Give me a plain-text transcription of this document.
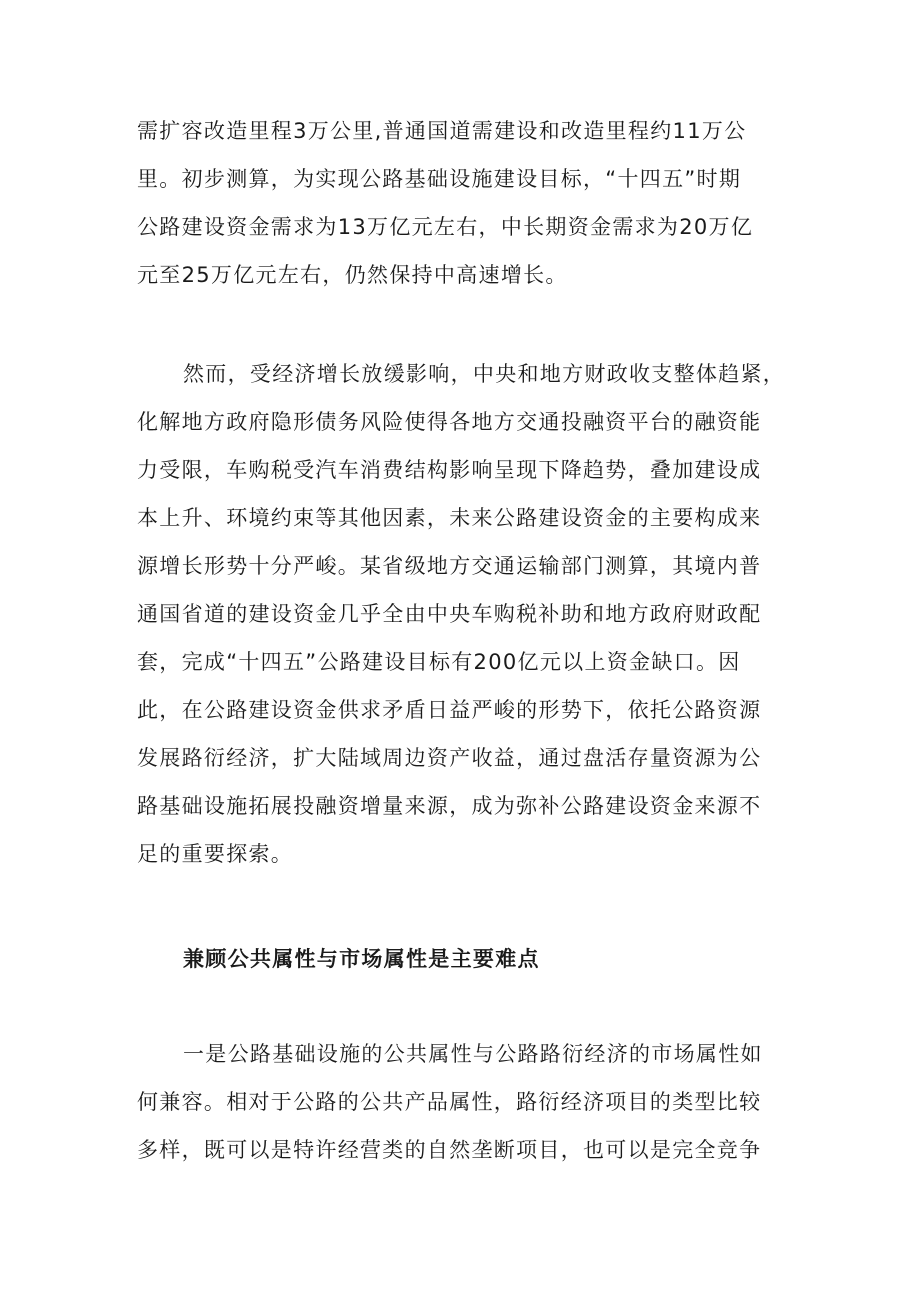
需扩容改造里程3万公里,普通国道需建设和改造里程约11万公
里。初步测算，为实现公路基础设施建设目标，“十四五”时期
公路建设资金需求为13万亿元左右，中长期资金需求为20万亿
元至25万亿元左右，仍然保持中高速增长。
然而，受经济增长放缓影响，中央和地方财政收支整体趋紧，
化解地方政府隐形债务风险使得各地方交通投融资平台的融资能
力受限，车购税受汽车消费结构影响呈现下降趋势，叠加建设成
本上升、环境约束等其他因素，未来公路建设资金的主要构成来
源增长形势十分严峻。某省级地方交通运输部门测算，其境内普
通国省道的建设资金几乎全由中央车购税补助和地方政府财政配
套，完成“十四五”公路建设目标有200亿元以上资金缺口。因
此，在公路建设资金供求矛盾日益严峻的形势下，依托公路资源
发展路衍经济，扩大陆域周边资产收益，通过盘活存量资源为公
路基础设施拓展投融资增量来源，成为弥补公路建设资金来源不
足的重要探索。
兼顾公共属性与市场属性是主要难点
一是公路基础设施的公共属性与公路路衍经济的市场属性如
何兼容。相对于公路的公共产品属性，路衍经济项目的类型比较
多样，既可以是特许经营类的自然垄断项目，也可以是完全竞争
